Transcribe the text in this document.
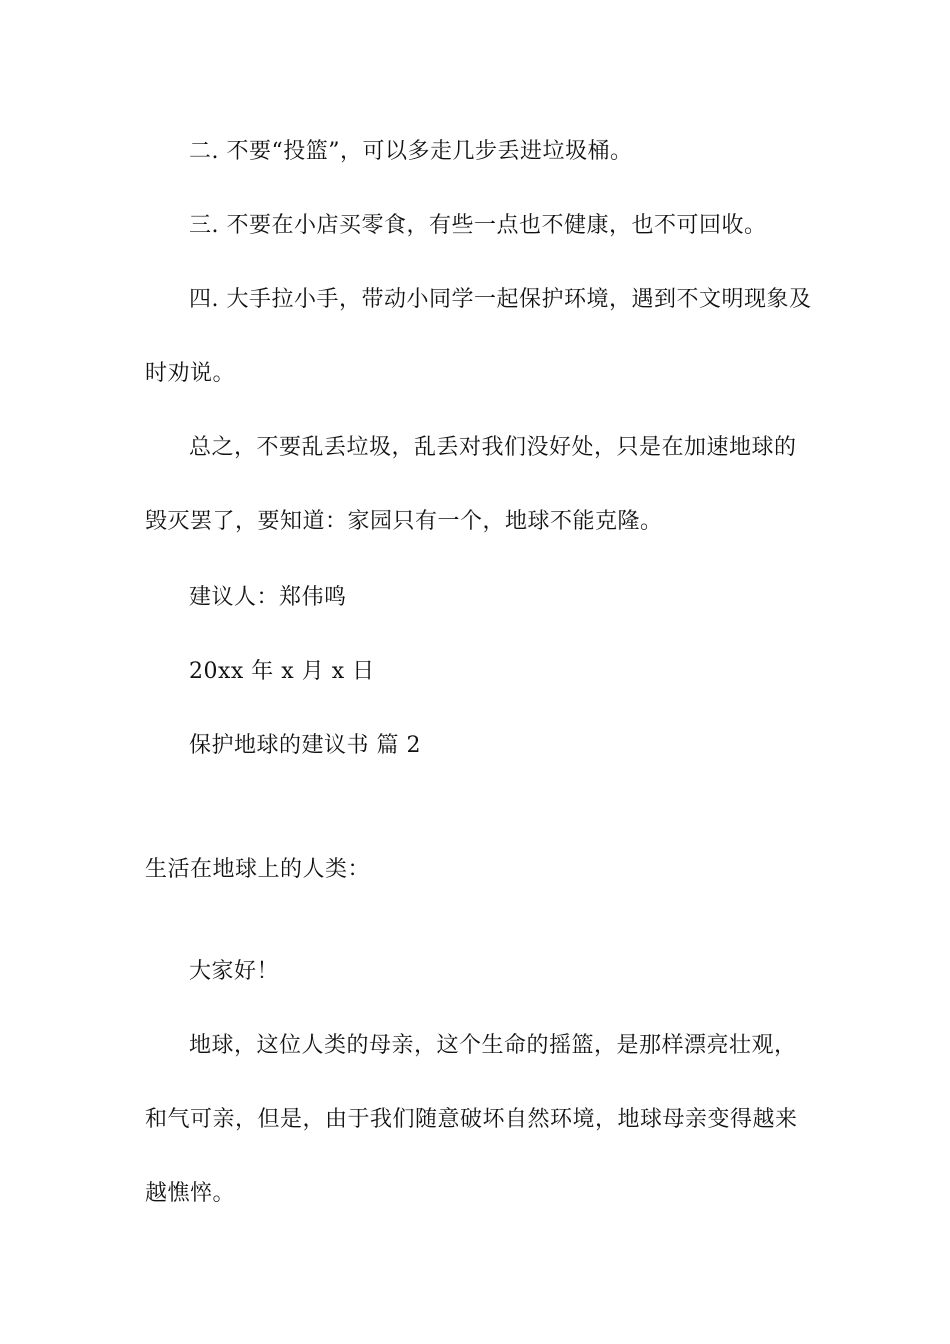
二. 不要“投篮”，可以多走几步丢进垃圾桶。
三. 不要在小店买零食，有些一点也不健康，也不可回收。
四. 大手拉小手，带动小同学一起保护环境，遇到不文明现象及
时劝说。
总之，不要乱丢垃圾，乱丢对我们没好处，只是在加速地球的
毁灭罢了，要知道：家园只有一个，地球不能克隆。
建议人：郑伟鸣
20xx 年 x 月 x 日
保护地球的建议书 篇 2
生活在地球上的人类：
大家好！
地球，这位人类的母亲，这个生命的摇篮，是那样漂亮壮观，
和气可亲，但是，由于我们随意破坏自然环境，地球母亲变得越来
越憔悴。
